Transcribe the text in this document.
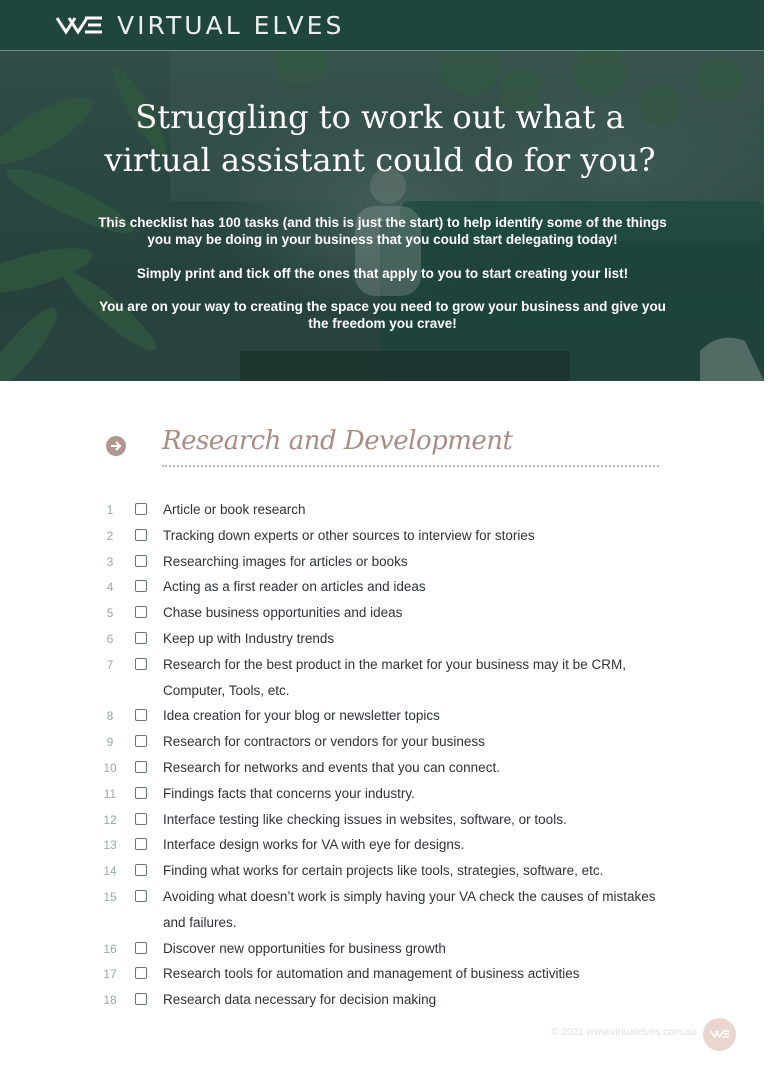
VIRTUAL ELVES
Struggling to work out what a
virtual assistant could do for you?
This checklist has 100 tasks (and this is just the start) to help identify some of the things you may be doing in your business that you could start delegating today!
Simply print and tick off the ones that apply to you to start creating your list!
You are on your way to creating the space you need to grow your business and give you the freedom you crave!
Research and Development
1	Article or book research
2	Tracking down experts or other sources to interview for stories
3	Researching images for articles or books
4	Acting as a first reader on articles and ideas
5	Chase business opportunities and ideas
6	Keep up with Industry trends
7	Research for the best product in the market for your business may it be CRM, Computer, Tools, etc.
8	Idea creation for your blog or newsletter topics
9	Research for contractors or vendors for your business
10	Research for networks and events that you can connect.
11	Findings facts that concerns your industry.
12	Interface testing like checking issues in websites, software, or tools.
13	Interface design works for VA with eye for designs.
14	Finding what works for certain projects like tools, strategies, software, etc.
15	Avoiding what doesn’t work is simply having your VA check the causes of mistakes and failures.
16	Discover new opportunities for business growth
17	Research tools for automation and management of business activities
18	Research data necessary for decision making
© 2021 www.virtualelves.com.au
